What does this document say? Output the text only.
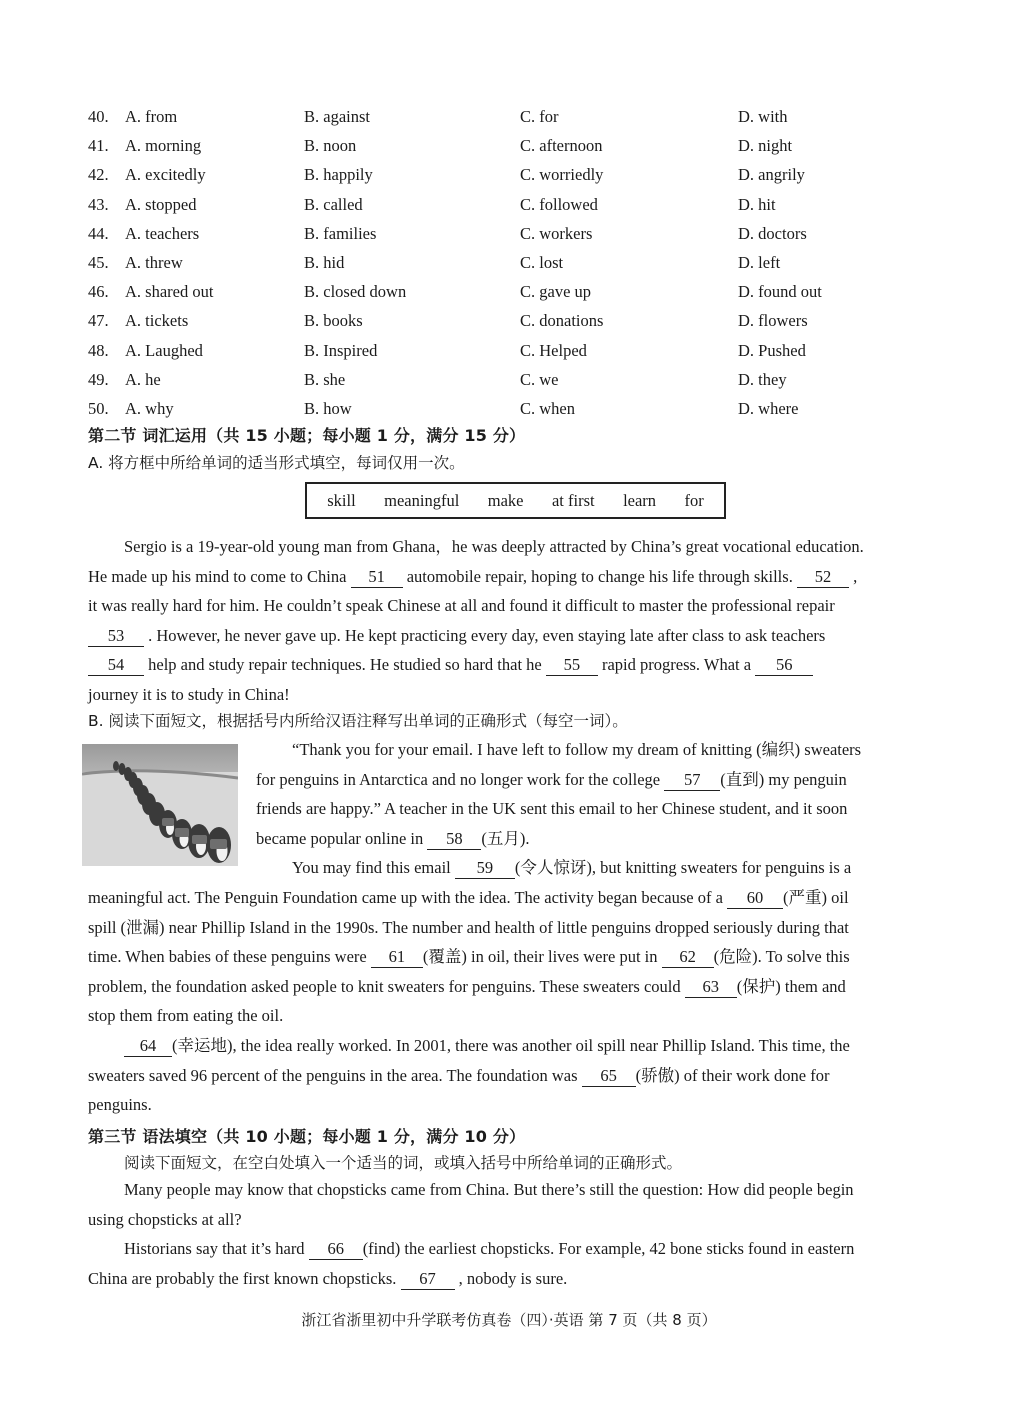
40. A. from	B. against	C. for	D. with
41. A. morning	B. noon	C. afternoon	D. night
42. A. excitedly	B. happily	C. worriedly	D. angrily
43. A. stopped	B. called	C. followed	D. hit
44. A. teachers	B. families	C. workers	D. doctors
45. A. threw	B. hid	C. lost	D. left
46. A. shared out	B. closed down	C. gave up	D. found out
47. A. tickets	B. books	C. donations	D. flowers
48. A. Laughed	B. Inspired	C. Helped	D. Pushed
49. A. he	B. she	C. we	D. they
50. A. why	B. how	C. when	D. where
第二节 词汇运用（共 15 小题；每小题 1 分，满分 15 分）
A. 将方框中所给单词的适当形式填空，每词仅用一次。
skill meaningful make at first learn for
Sergio is a 19-year-old young man from Ghana，he was deeply attracted by China’s great vocational education.
He made up his mind to come to China 51 automobile repair, hoping to change his life through skills. 52 ,
it was really hard for him. He couldn’t speak Chinese at all and found it difficult to master the professional repair
53 . However, he never gave up. He kept practicing every day, even staying late after class to ask teachers
54 help and study repair techniques. He studied so hard that he 55 rapid progress. What a 56
journey it is to study in China!
B. 阅读下面短文，根据括号内所给汉语注释写出单词的正确形式（每空一词）。
“Thank you for your email. I have left to follow my dream of knitting (编织) sweaters
for penguins in Antarctica and no longer work for the college 57 (直到) my penguin
friends are happy.” A teacher in the UK sent this email to her Chinese student, and it soon
became popular online in 58 (五月).
You may find this email 59 (令人惊讶), but knitting sweaters for penguins is a
meaningful act. The Penguin Foundation came up with the idea. The activity began because of a 60 (严重) oil
spill (泄漏) near Phillip Island in the 1990s. The number and health of little penguins dropped seriously during that
time. When babies of these penguins were 61 (覆盖) in oil, their lives were put in 62 (危险). To solve this
problem, the foundation asked people to knit sweaters for penguins. These sweaters could 63 (保护) them and
stop them from eating the oil.
64 (幸运地), the idea really worked. In 2001, there was another oil spill near Phillip Island. This time, the
sweaters saved 96 percent of the penguins in the area. The foundation was 65 (骄傲) of their work done for
penguins.
第三节 语法填空（共 10 小题；每小题 1 分，满分 10 分）
阅读下面短文，在空白处填入一个适当的词，或填入括号中所给单词的正确形式。
Many people may know that chopsticks came from China. But there’s still the question: How did people begin
using chopsticks at all?
Historians say that it’s hard 66 (find) the earliest chopsticks. For example, 42 bone sticks found in eastern
China are probably the first known chopsticks. 67 , nobody is sure.
浙江省浙里初中升学联考仿真卷（四）·英语 第 7 页（共 8 页）
